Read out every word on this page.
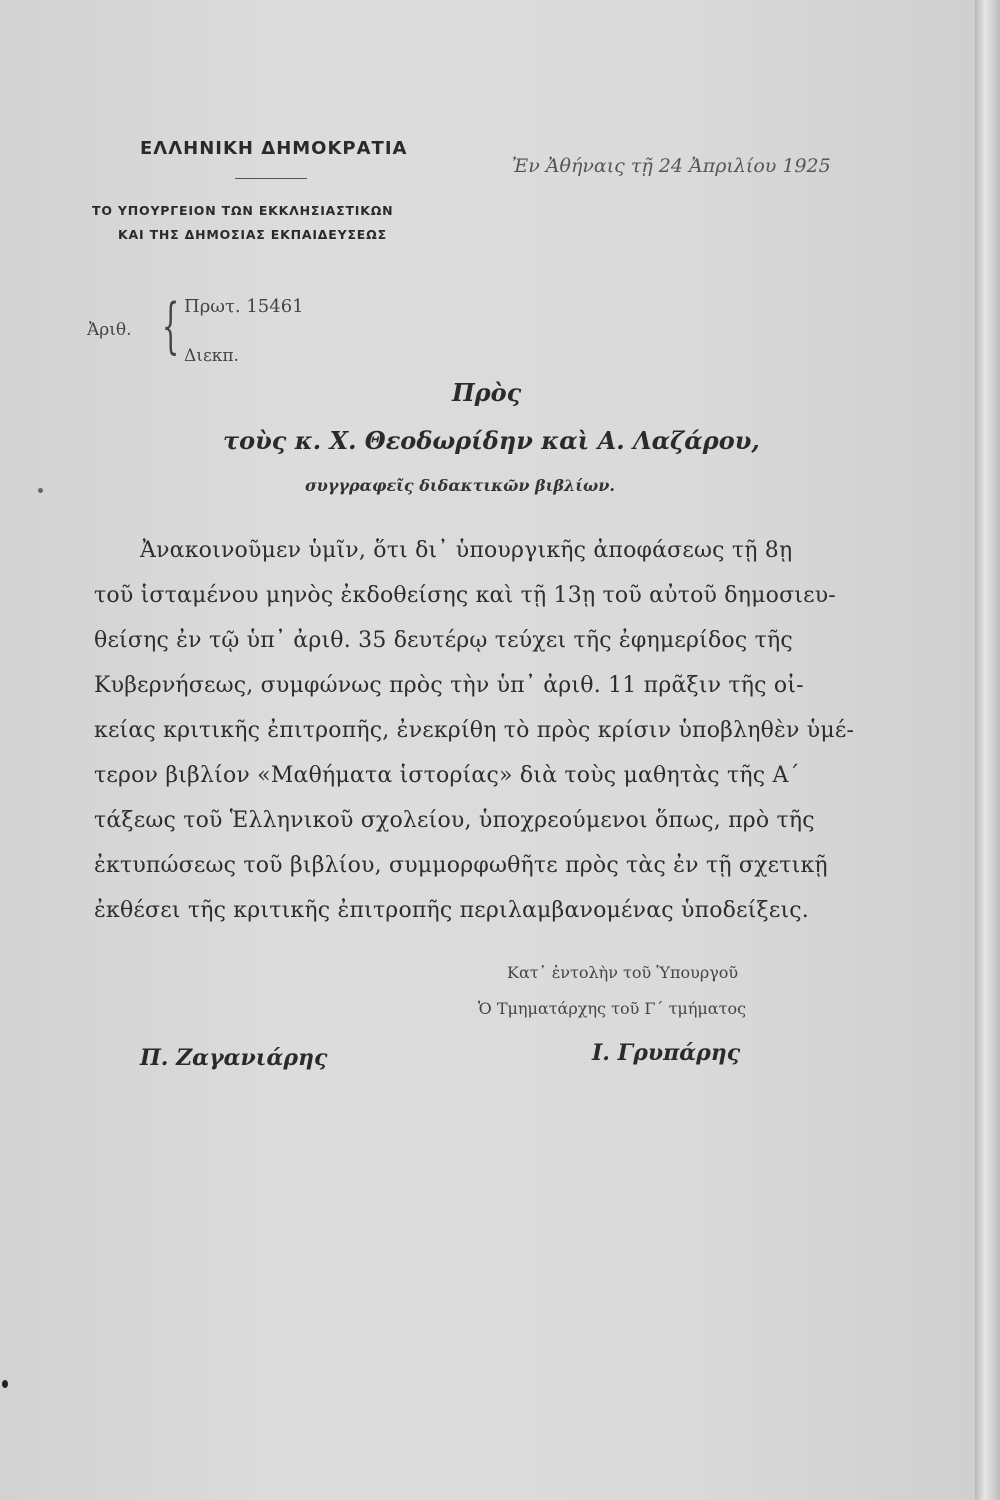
ΕΛΛΗΝΙΚΗ ΔΗΜΟΚΡΑΤΙΑ
ΤΟ ΥΠΟΥΡΓΕΙΟΝ ΤΩΝ ΕΚΚΛΗΣΙΑΣΤΙΚΩΝ
ΚΑΙ ΤΗΣ ΔΗΜΟΣΙΑΣ ΕΚΠΑΙΔΕΥΣΕΩΣ
Ἐν Ἀθήναις τῇ 24 Ἀπριλίου 1925
Ἀριθ. { Πρωτ. 15461
Διεκπ.
Πρὸς
τοὺς κ. Χ. Θεοδωρίδην καὶ Α. Λαζάρου,
συγγραφεῖς διδακτικῶν βιβλίων.
Ἀνακοινοῦμεν ὑμῖν, ὅτι δι᾽ ὑπουργικῆς ἀποφάσεως τῇ 8ῃ
τοῦ ἱσταμένου μηνὸς ἐκδοθείσης καὶ τῇ 13ῃ τοῦ αὐτοῦ δημοσιευ-
θείσης ἐν τῷ ὑπ᾽ ἀριθ. 35 δευτέρῳ τεύχει τῆς ἐφημερίδος τῆς
Κυβερνήσεως, συμφώνως πρὸς τὴν ὑπ᾽ ἀριθ. 11 πρᾶξιν τῆς οἰ-
κείας κριτικῆς ἐπιτροπῆς, ἐνεκρίθη τὸ πρὸς κρίσιν ὑποβληθὲν ὑμέ-
τερον βιβλίον «Μαθήματα ἱστορίας» διὰ τοὺς μαθητὰς τῆς Α΄
τάξεως τοῦ Ἑλληνικοῦ σχολείου, ὑποχρεούμενοι ὅπως, πρὸ τῆς
ἐκτυπώσεως τοῦ βιβλίου, συμμορφωθῆτε πρὸς τὰς ἐν τῇ σχετικῇ
ἐκθέσει τῆς κριτικῆς ἐπιτροπῆς περιλαμβανομένας ὑποδείξεις.
Κατ᾽ ἐντολὴν τοῦ Ὑπουργοῦ
Ὁ Τμηματάρχης τοῦ Γ΄ τμήματος
Π. Ζαγανιάρης	Ι. Γρυπάρης
